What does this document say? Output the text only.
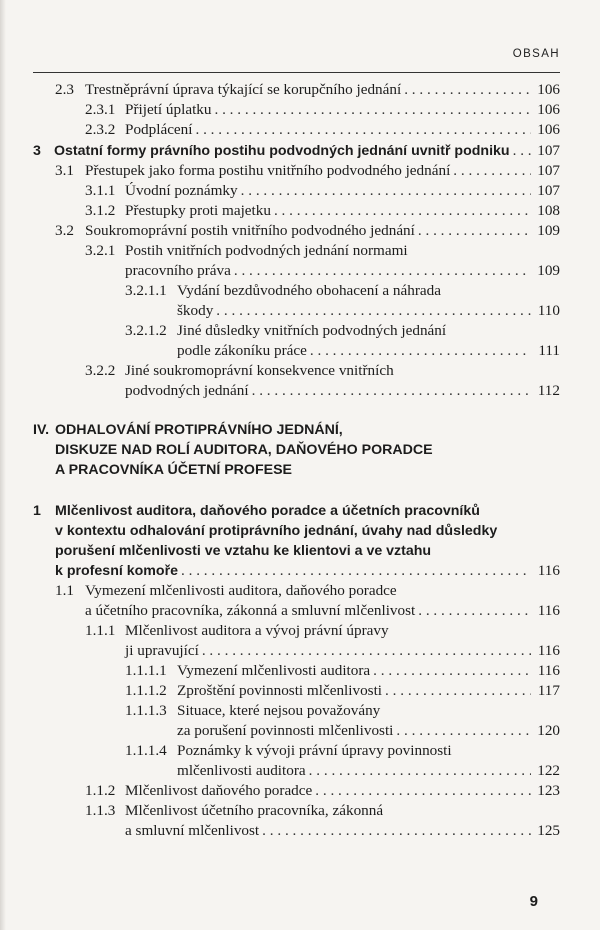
OBSAH
2.3 Trestněprávní úprava týkající se korupčního jednání . . .	106
2.3.1 Přijetí úplatku . . .	106
2.3.2 Podplácení . . .	106
3 Ostatní formy právního postihu podvodných jednání uvnitř podniku . . . 107
3.1 Přestupek jako forma postihu vnitřního podvodného jednání . . .	107
3.1.1 Úvodní poznámky . . .	107
3.1.2 Přestupky proti majetku . . .	108
3.2 Soukromoprávní postih vnitřního podvodného jednání . . .	109
3.2.1 Postih vnitřních podvodných jednání normami
pracovního práva . . .	109
3.2.1.1 Vydání bezdůvodného obohacení a náhrada
škody . . .	110
3.2.1.2 Jiné důsledky vnitřních podvodných jednání
podle zákoníku práce . . .	111
3.2.2 Jiné soukromoprávní konsekvence vnitřních
podvodných jednání . . .	112
IV. ODHALOVÁNÍ PROTIPRÁVNÍHO JEDNÁNÍ,
DISKUZE NAD ROLÍ AUDITORA, DAŇOVÉHO PORADCE
A PRACOVNÍKA ÚČETNÍ PROFESE
1 Mlčenlivost auditora, daňového poradce a účetních pracovníků
v kontextu odhalování protiprávního jednání, úvahy nad důsledky
porušení mlčenlivosti ve vztahu ke klientovi a ve vztahu
k profesní komoře . . .	116
1.1 Vymezení mlčenlivosti auditora, daňového poradce
a účetního pracovníka, zákonná a smluvní mlčenlivost . . .	116
1.1.1 Mlčenlivost auditora a vývoj právní úpravy
ji upravující . . .	116
1.1.1.1 Vymezení mlčenlivosti auditora . . .	116
1.1.1.2 Zproštění povinnosti mlčenlivosti . . .	117
1.1.1.3 Situace, které nejsou považovány
za porušení povinnosti mlčenlivosti . . .	120
1.1.1.4 Poznámky k vývoji právní úpravy povinnosti
mlčenlivosti auditora . . .	122
1.1.2 Mlčenlivost daňového poradce . . .	123
1.1.3 Mlčenlivost účetního pracovníka, zákonná
a smluvní mlčenlivost . . .	125
9
